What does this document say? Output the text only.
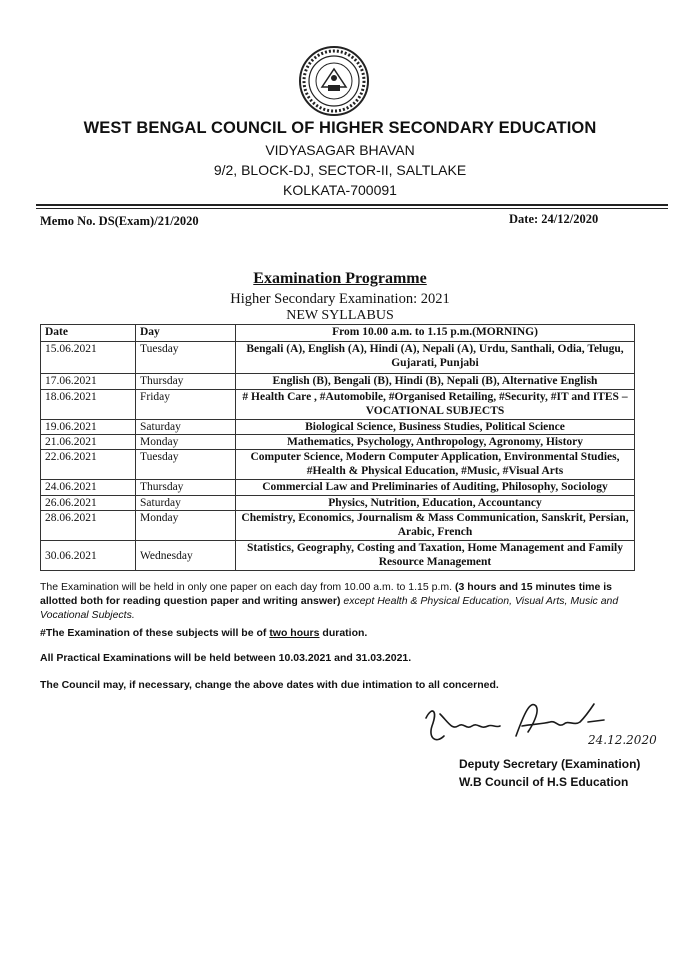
WEST BENGAL COUNCIL OF HIGHER SECONDARY EDUCATION
VIDYASAGAR BHAVAN
9/2, BLOCK-DJ, SECTOR-II, SALTLAKE
KOLKATA-700091
Memo No. DS(Exam)/21/2020	Date: 24/12/2020
Examination Programme
Higher Secondary Examination: 2021
NEW SYLLABUS
Date	Day	From 10.00 a.m. to 1.15 p.m.(MORNING)
15.06.2021	Tuesday	Bengali (A), English (A), Hindi (A), Nepali (A), Urdu, Santhali, Odia, Telugu, Gujarati, Punjabi
17.06.2021	Thursday	English (B), Bengali (B), Hindi (B), Nepali (B), Alternative English
18.06.2021	Friday	# Health Care , #Automobile, #Organised Retailing, #Security, #IT and ITES –VOCATIONAL SUBJECTS
19.06.2021	Saturday	Biological Science, Business Studies, Political Science
21.06.2021	Monday	Mathematics, Psychology, Anthropology, Agronomy, History
22.06.2021	Tuesday	Computer Science, Modern Computer Application, Environmental Studies, #Health & Physical Education, #Music, #Visual Arts
24.06.2021	Thursday	Commercial Law and Preliminaries of Auditing, Philosophy, Sociology
26.06.2021	Saturday	Physics, Nutrition, Education, Accountancy
28.06.2021	Monday	Chemistry, Economics, Journalism & Mass Communication, Sanskrit, Persian, Arabic, French
30.06.2021	Wednesday	Statistics, Geography, Costing and Taxation, Home Management and Family Resource Management
The Examination will be held in only one paper on each day from 10.00 a.m. to 1.15 p.m. (3 hours and 15 minutes time is allotted both for reading question paper and writing answer) except Health & Physical Education, Visual Arts, Music and Vocational Subjects.
#The Examination of these subjects will be of two hours duration.
All Practical Examinations will be held between 10.03.2021 and 31.03.2021.
The Council may, if necessary, change the above dates with due intimation to all concerned.
24.12.2020
Deputy Secretary (Examination)
W.B Council of H.S Education
